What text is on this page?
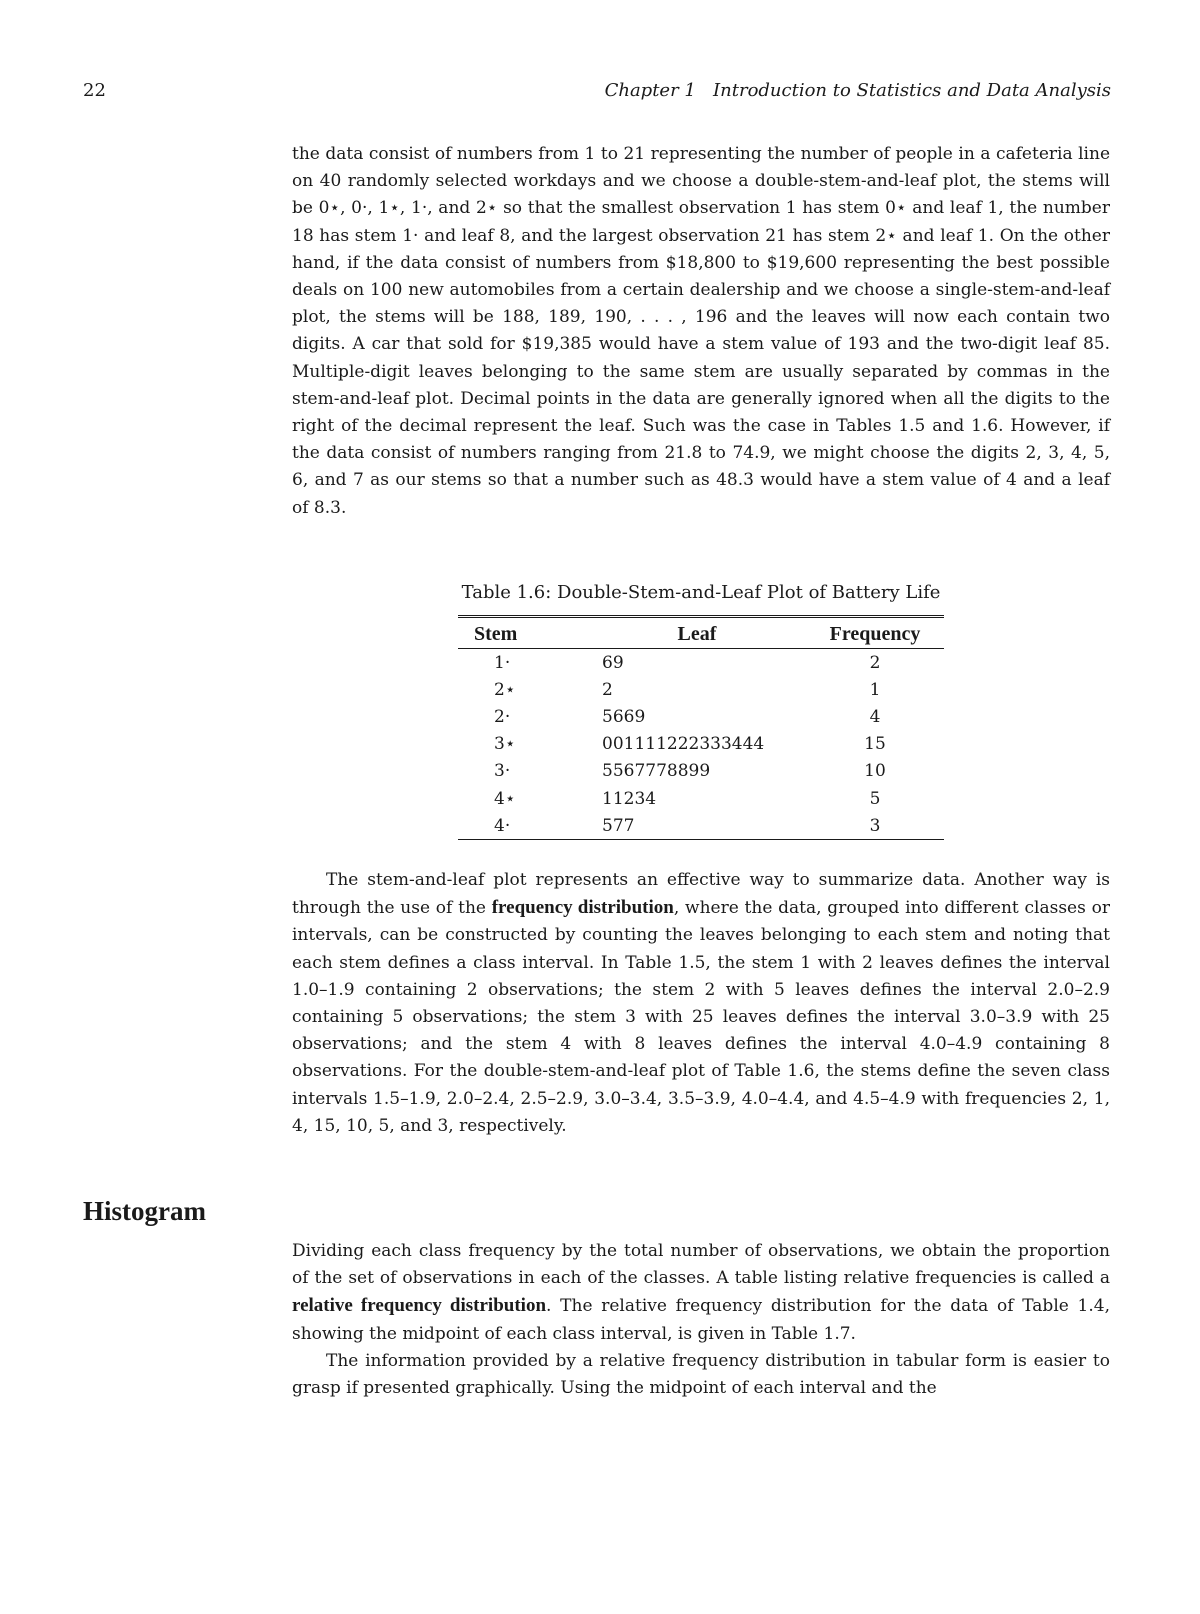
22	Chapter 1   Introduction to Statistics and Data Analysis

the data consist of numbers from 1 to 21 representing the number of people in a cafeteria line on 40 randomly selected workdays and we choose a double-stem-and-leaf plot, the stems will be 0⋆, 0·, 1⋆, 1·, and 2⋆ so that the smallest observation 1 has stem 0⋆ and leaf 1, the number 18 has stem 1· and leaf 8, and the largest observation 21 has stem 2⋆ and leaf 1. On the other hand, if the data consist of numbers from $18,800 to $19,600 representing the best possible deals on 100 new automobiles from a certain dealership and we choose a single-stem-and-leaf plot, the stems will be 188, 189, 190, . . . , 196 and the leaves will now each contain two digits. A car that sold for $19,385 would have a stem value of 193 and the two-digit leaf 85. Multiple-digit leaves belonging to the same stem are usually separated by commas in the stem-and-leaf plot. Decimal points in the data are generally ignored when all the digits to the right of the decimal represent the leaf. Such was the case in Tables 1.5 and 1.6. However, if the data consist of numbers ranging from 21.8 to 74.9, we might choose the digits 2, 3, 4, 5, 6, and 7 as our stems so that a number such as 48.3 would have a stem value of 4 and a leaf of 8.3.

Table 1.6: Double-Stem-and-Leaf Plot of Battery Life

Stem	Leaf	Frequency
1·	69	2
2⋆	2	1
2·	5669	4
3⋆	001111222333444	15
3·	5567778899	10
4⋆	11234	5
4·	577	3

The stem-and-leaf plot represents an effective way to summarize data. Another way is through the use of the frequency distribution, where the data, grouped into different classes or intervals, can be constructed by counting the leaves belonging to each stem and noting that each stem defines a class interval. In Table 1.5, the stem 1 with 2 leaves defines the interval 1.0–1.9 containing 2 observations; the stem 2 with 5 leaves defines the interval 2.0–2.9 containing 5 observations; the stem 3 with 25 leaves defines the interval 3.0–3.9 with 25 observations; and the stem 4 with 8 leaves defines the interval 4.0–4.9 containing 8 observations. For the double-stem-and-leaf plot of Table 1.6, the stems define the seven class intervals 1.5–1.9, 2.0–2.4, 2.5–2.9, 3.0–3.4, 3.5–3.9, 4.0–4.4, and 4.5–4.9 with frequencies 2, 1, 4, 15, 10, 5, and 3, respectively.

Histogram

Dividing each class frequency by the total number of observations, we obtain the proportion of the set of observations in each of the classes. A table listing relative frequencies is called a relative frequency distribution. The relative frequency distribution for the data of Table 1.4, showing the midpoint of each class interval, is given in Table 1.7.

The information provided by a relative frequency distribution in tabular form is easier to grasp if presented graphically. Using the midpoint of each interval and the
